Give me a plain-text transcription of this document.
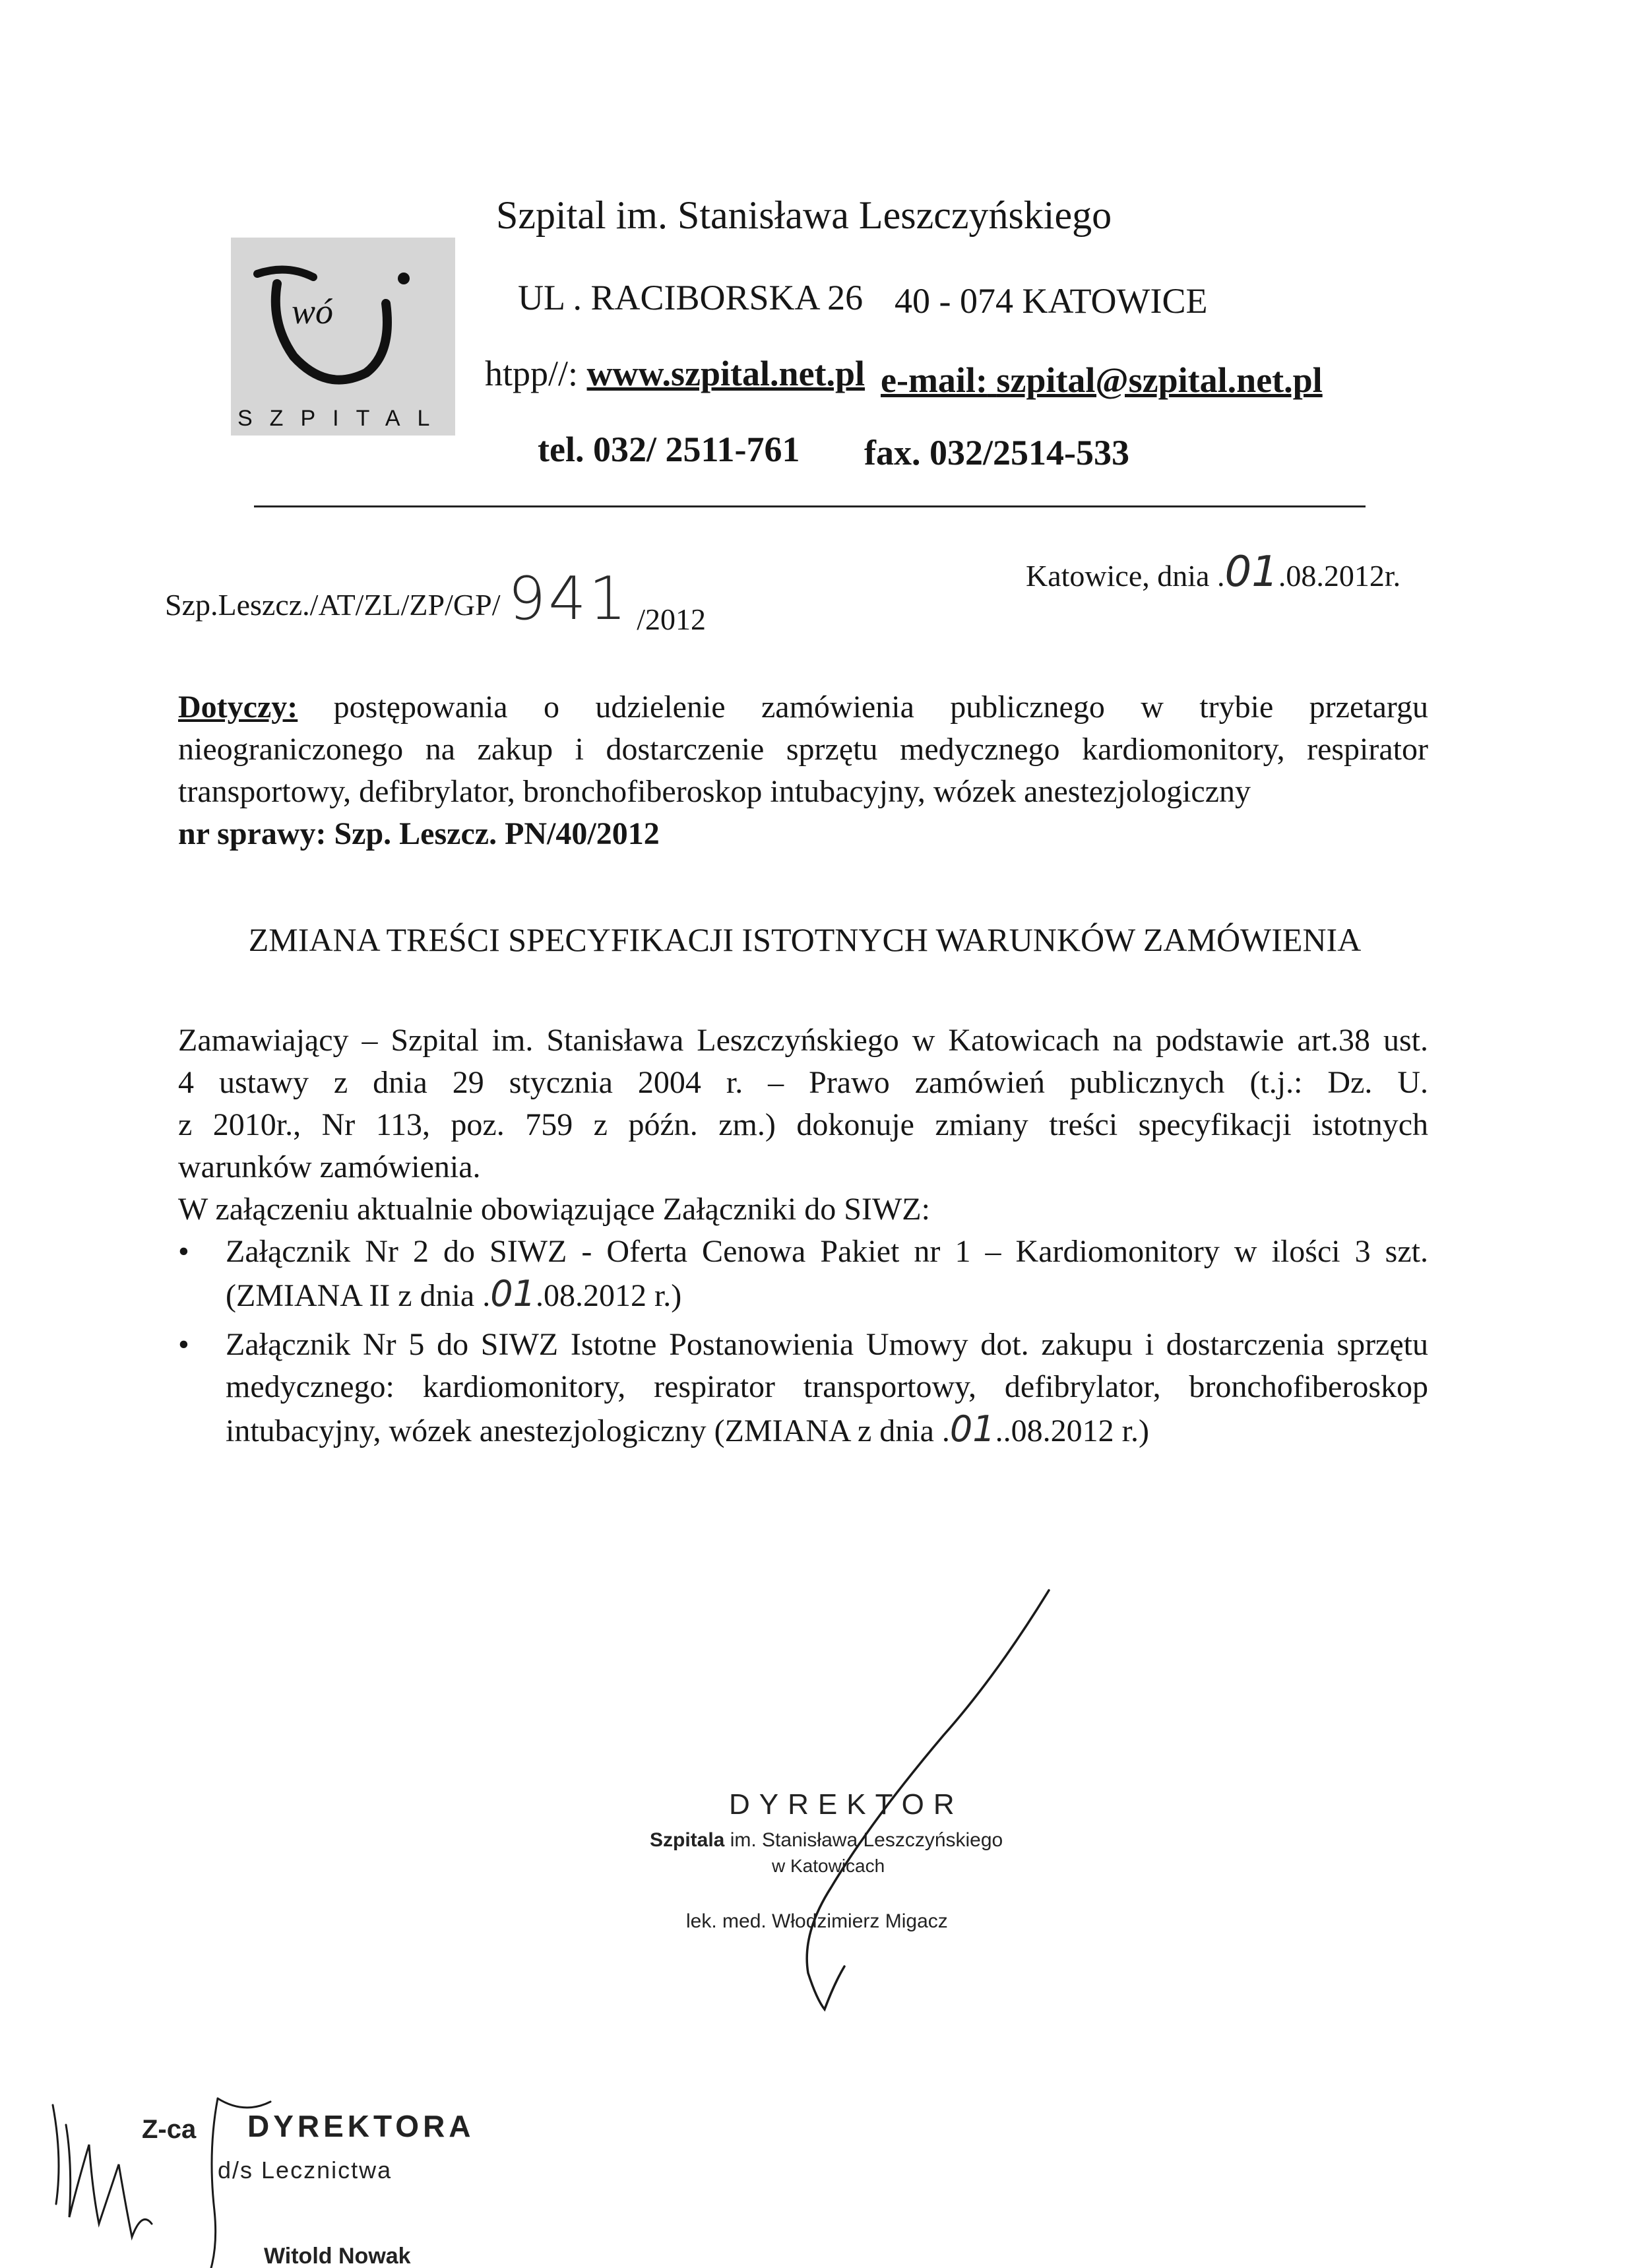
wó
SZPITAL
Szpital im. Stanisława Leszczyńskiego
UL . RACIBORSKA 26 40 - 074 KATOWICE
htpp//: www.szpital.net.pl e-mail: szpital@szpital.net.pl
tel. 032/ 2511-761 fax. 032/2514-533
Szp.Leszcz./AT/ZL/ZP/GP/ 941 /2012
Katowice, dnia .01.08.2012r.
Dotyczy: postępowania o udzielenie zamówienia publicznego w trybie przetargu
nieograniczonego na zakup i dostarczenie sprzętu medycznego kardiomonitory, respirator
transportowy, defibrylator, bronchofiberoskop intubacyjny, wózek anestezjologiczny
nr sprawy: Szp. Leszcz. PN/40/2012
ZMIANA TREŚCI SPECYFIKACJI ISTOTNYCH WARUNKÓW ZAMÓWIENIA
Zamawiający – Szpital im. Stanisława Leszczyńskiego w Katowicach na podstawie art.38 ust.
4 ustawy z dnia 29 stycznia 2004 r. – Prawo zamówień publicznych (t.j.: Dz. U.
z 2010r., Nr 113, poz. 759 z późn. zm.) dokonuje zmiany treści specyfikacji istotnych
warunków zamówienia.
W załączeniu aktualnie obowiązujące Załączniki do SIWZ:
• Załącznik Nr 2 do SIWZ - Oferta Cenowa Pakiet nr 1 – Kardiomonitory w ilości 3 szt.
(ZMIANA II z dnia .01.08.2012 r.)
• Załącznik Nr 5 do SIWZ Istotne Postanowienia Umowy dot. zakupu i dostarczenia sprzętu
medycznego: kardiomonitory, respirator transportowy, defibrylator, bronchofiberoskop
intubacyjny, wózek anestezjologiczny (ZMIANA z dnia .01..08.2012 r.)
DYREKTOR
Szpitala im. Stanisława Leszczyńskiego
w Katowicach
lek. med. Włodzimierz Migacz
Z-ca DYREKTORA
d/s Lecznictwa
Witold Nowak
